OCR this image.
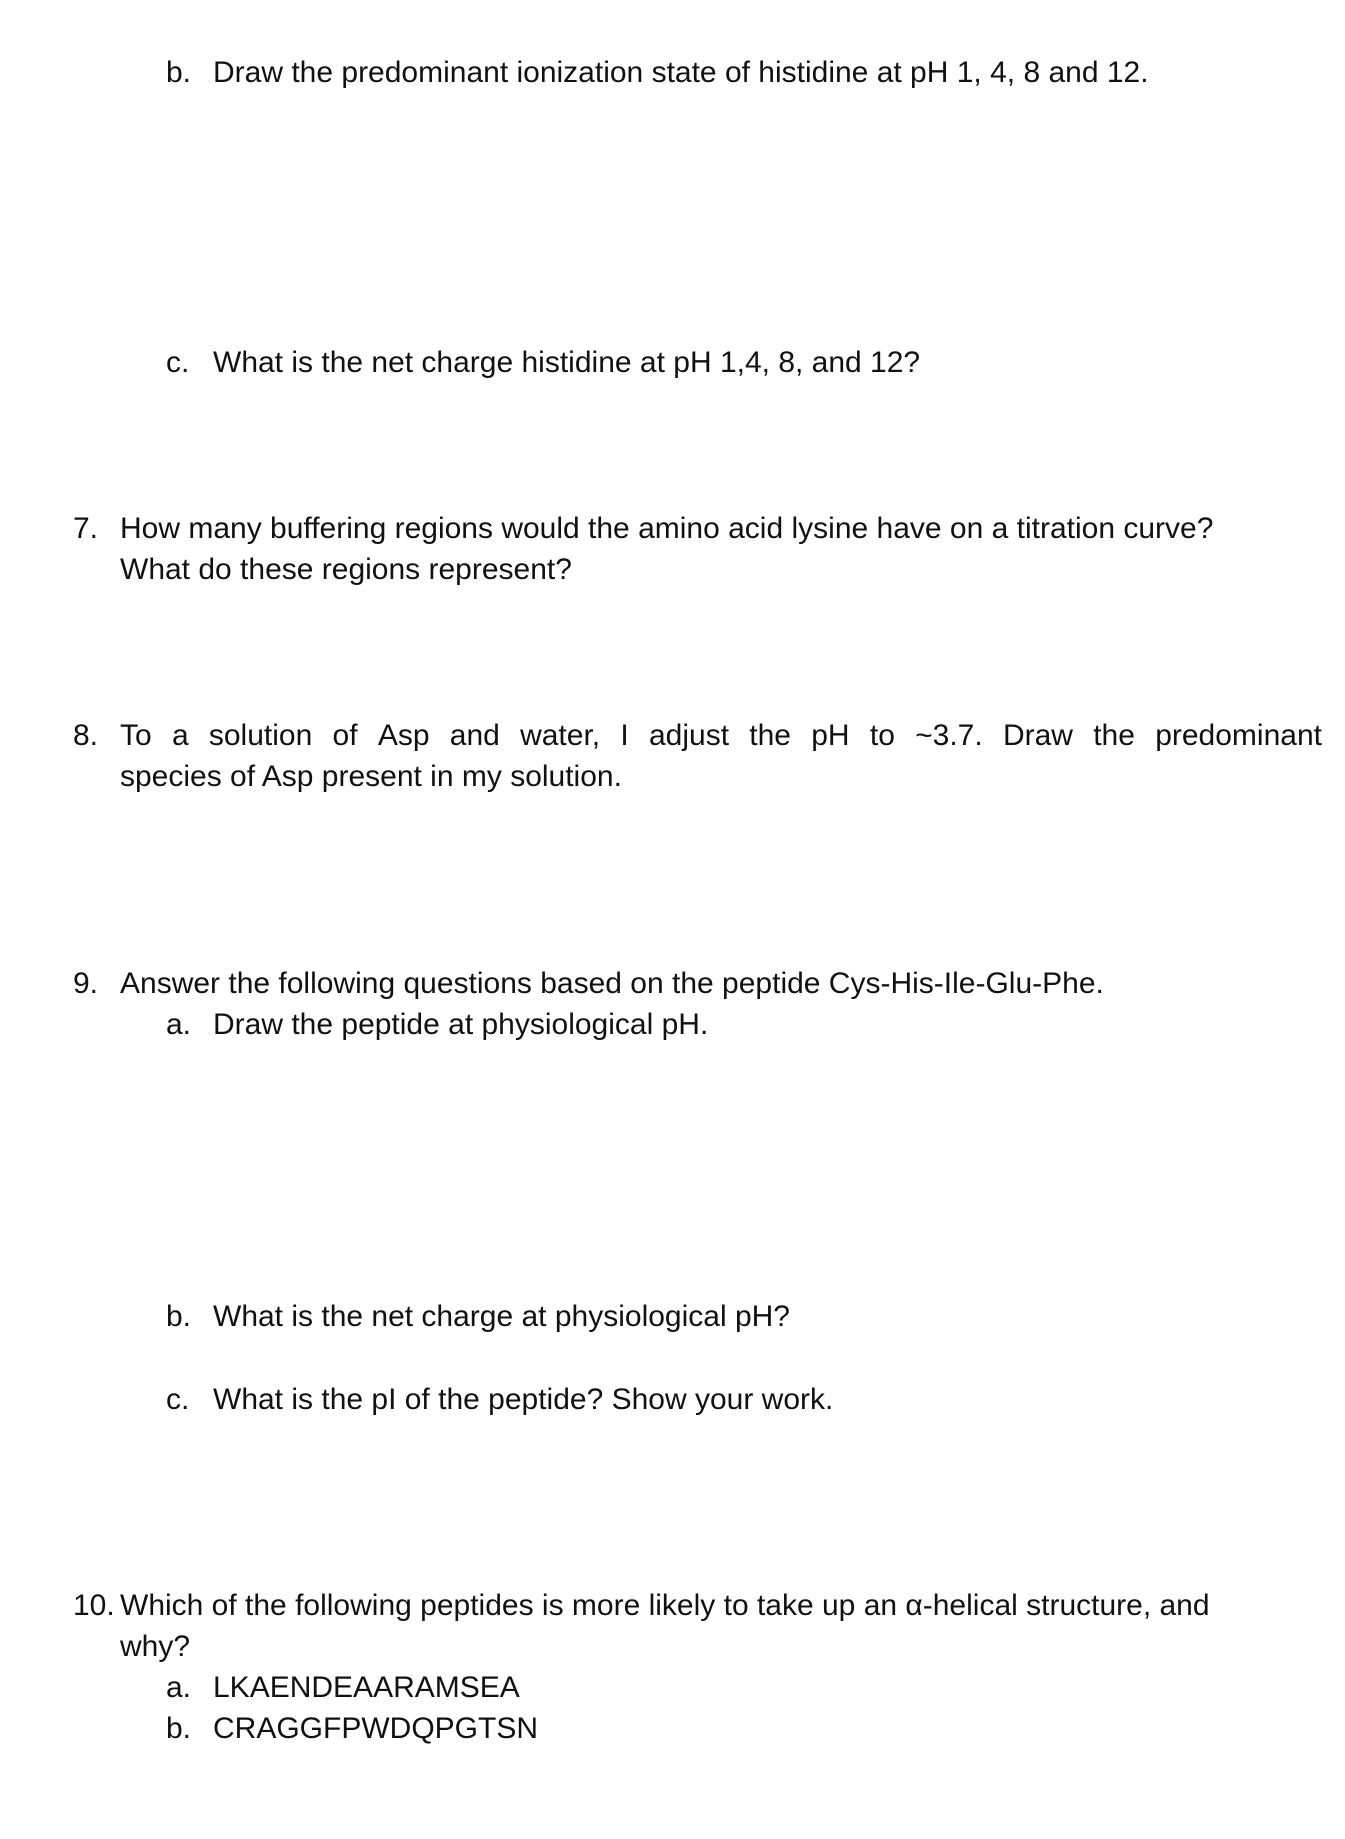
b. Draw the predominant ionization state of histidine at pH 1, 4, 8 and 12.
c. What is the net charge histidine at pH 1,4, 8, and 12?
7. How many buffering regions would the amino acid lysine have on a titration curve?
What do these regions represent?
8. To a solution of Asp and water, I adjust the pH to ~3.7. Draw the predominant
species of Asp present in my solution.
9. Answer the following questions based on the peptide Cys-His-Ile-Glu-Phe.
a. Draw the peptide at physiological pH.
b. What is the net charge at physiological pH?
c. What is the pI of the peptide? Show your work.
10. Which of the following peptides is more likely to take up an α-helical structure, and
why?
a. LKAENDEAARAMSEA
b. CRAGGFPWDQPGTSN
